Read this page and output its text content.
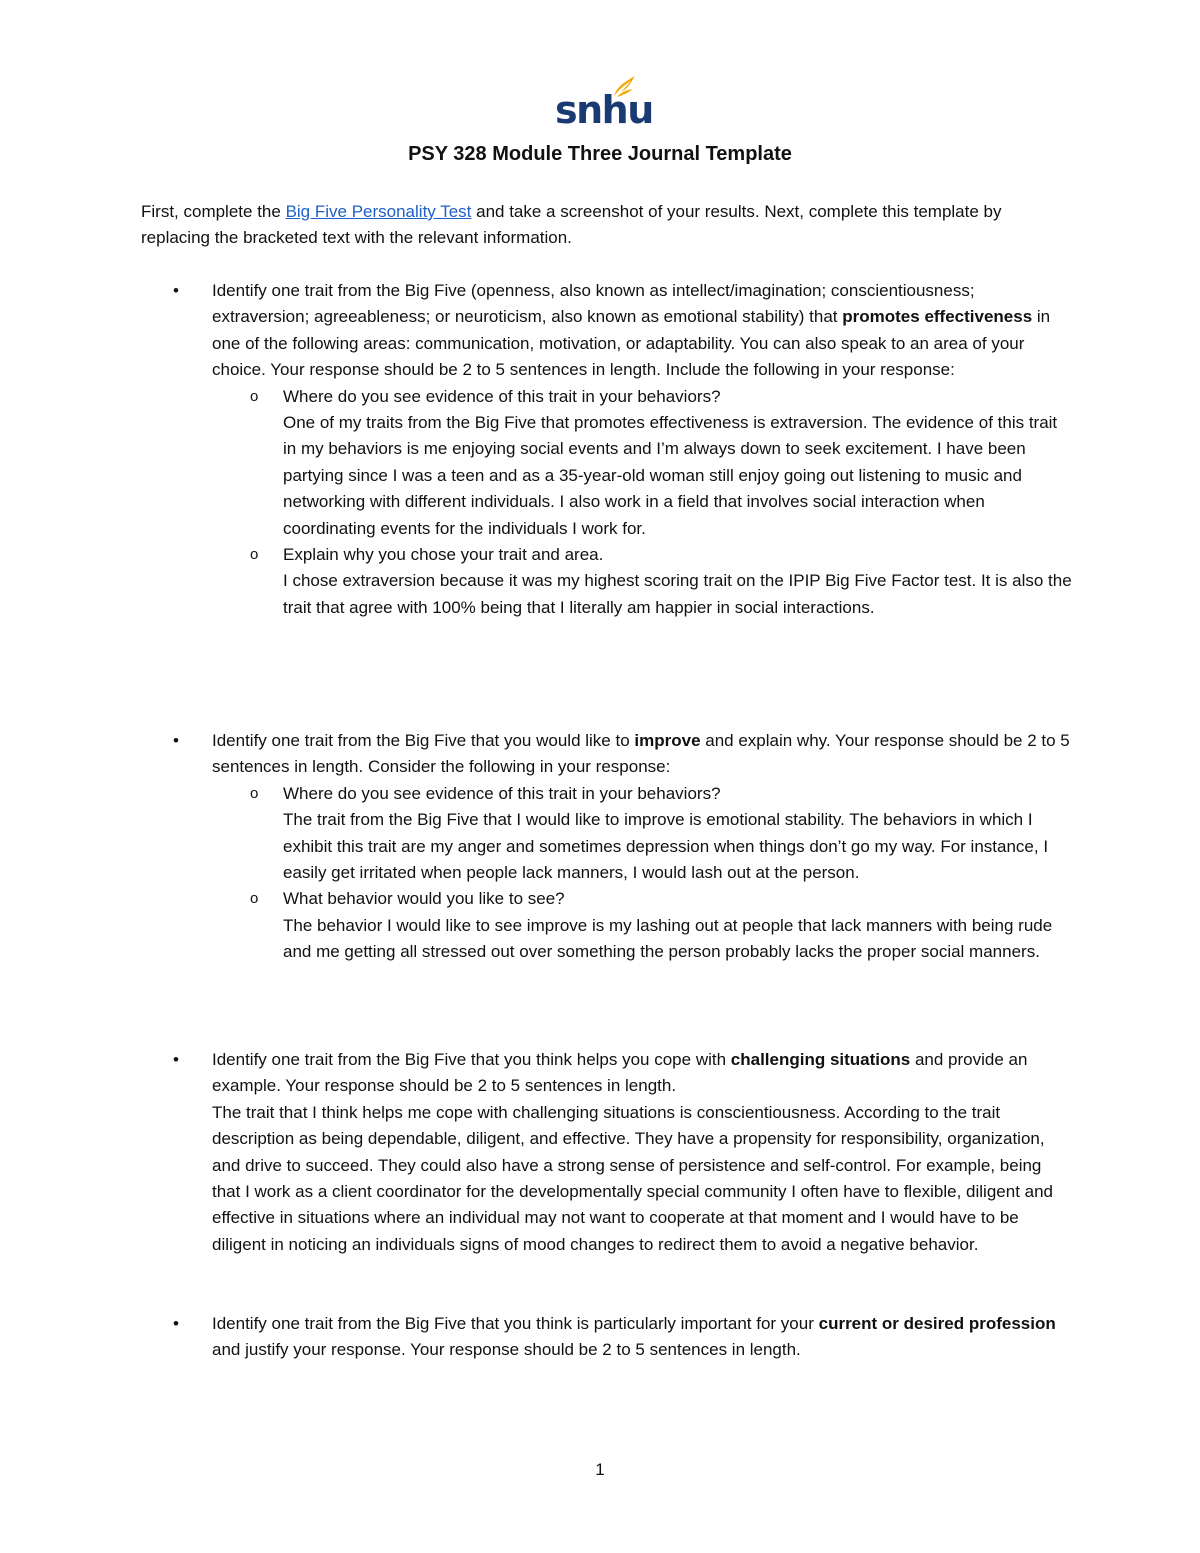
snhu
PSY 328 Module Three Journal Template
First, complete the Big Five Personality Test and take a screenshot of your results. Next, complete this template by replacing the bracketed text with the relevant information.
• Identify one trait from the Big Five (openness, also known as intellect/imagination; conscientiousness; extraversion; agreeableness; or neuroticism, also known as emotional stability) that promotes effectiveness in one of the following areas: communication, motivation, or adaptability. You can also speak to an area of your choice. Your response should be 2 to 5 sentences in length. Include the following in your response:
o Where do you see evidence of this trait in your behaviors?
One of my traits from the Big Five that promotes effectiveness is extraversion. The evidence of this trait in my behaviors is me enjoying social events and I’m always down to seek excitement. I have been partying since I was a teen and as a 35-year-old woman still enjoy going out listening to music and networking with different individuals. I also work in a field that involves social interaction when coordinating events for the individuals I work for.
o Explain why you chose your trait and area.
I chose extraversion because it was my highest scoring trait on the IPIP Big Five Factor test. It is also the trait that agree with 100% being that I literally am happier in social interactions.
• Identify one trait from the Big Five that you would like to improve and explain why. Your response should be 2 to 5 sentences in length. Consider the following in your response:
o Where do you see evidence of this trait in your behaviors?
The trait from the Big Five that I would like to improve is emotional stability. The behaviors in which I exhibit this trait are my anger and sometimes depression when things don’t go my way. For instance, I easily get irritated when people lack manners, I would lash out at the person.
o What behavior would you like to see?
The behavior I would like to see improve is my lashing out at people that lack manners with being rude and me getting all stressed out over something the person probably lacks the proper social manners.
• Identify one trait from the Big Five that you think helps you cope with challenging situations and provide an example. Your response should be 2 to 5 sentences in length.
The trait that I think helps me cope with challenging situations is conscientiousness. According to the trait description as being dependable, diligent, and effective. They have a propensity for responsibility, organization, and drive to succeed. They could also have a strong sense of persistence and self-control. For example, being that I work as a client coordinator for the developmentally special community I often have to flexible, diligent and effective in situations where an individual may not want to cooperate at that moment and I would have to be diligent in noticing an individuals signs of mood changes to redirect them to avoid a negative behavior.
• Identify one trait from the Big Five that you think is particularly important for your current or desired profession and justify your response. Your response should be 2 to 5 sentences in length.
1
